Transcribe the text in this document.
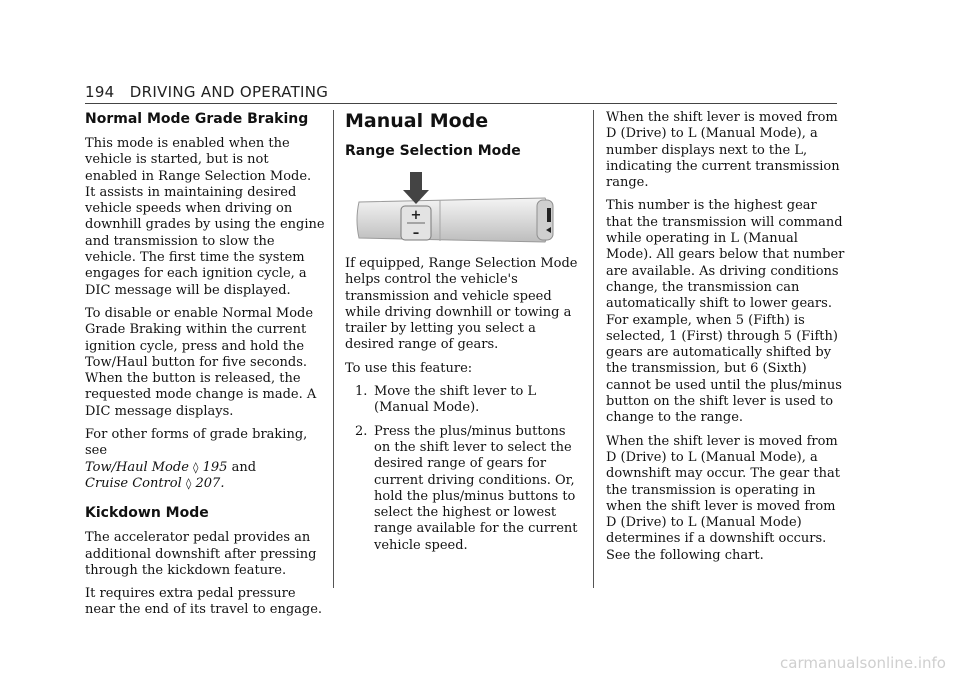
194 DRIVING AND OPERATING
Normal Mode Grade Braking

This mode is enabled when the vehicle is started, but is not enabled in Range Selection Mode. It assists in maintaining desired vehicle speeds when driving on downhill grades by using the engine and transmission to slow the vehicle. The first time the system engages for each ignition cycle, a DIC message will be displayed.

To disable or enable Normal Mode Grade Braking within the current ignition cycle, press and hold the Tow/Haul button for five seconds. When the button is released, the requested mode change is made. A DIC message displays.

For other forms of grade braking, see
Tow/Haul Mode ◊ 195 and
Cruise Control ◊ 207.

Kickdown Mode

The accelerator pedal provides an additional downshift after pressing through the kickdown feature.

It requires extra pedal pressure near the end of its travel to engage.

Manual Mode
Range Selection Mode
+
–

If equipped, Range Selection Mode helps control the vehicle's transmission and vehicle speed while driving downhill or towing a trailer by letting you select a desired range of gears.

To use this feature:

1. Move the shift lever to L (Manual Mode).
2. Press the plus/minus buttons on the shift lever to select the desired range of gears for current driving conditions. Or, hold the plus/minus buttons to select the highest or lowest range available for the current vehicle speed.

When the shift lever is moved from D (Drive) to L (Manual Mode), a number displays next to the L, indicating the current transmission range.

This number is the highest gear that the transmission will command while operating in L (Manual Mode). All gears below that number are available. As driving conditions change, the transmission can automatically shift to lower gears. For example, when 5 (Fifth) is selected, 1 (First) through 5 (Fifth) gears are automatically shifted by the transmission, but 6 (Sixth) cannot be used until the plus/minus button on the shift lever is used to change to the range.

When the shift lever is moved from D (Drive) to L (Manual Mode), a downshift may occur. The gear that the transmission is operating in when the shift lever is moved from D (Drive) to L (Manual Mode) determines if a downshift occurs. See the following chart.

carmanualsonline.info
